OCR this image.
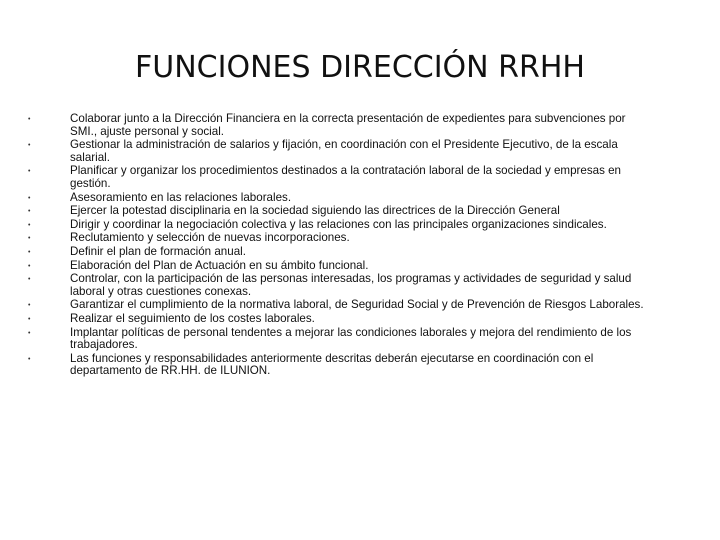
FUNCIONES DIRECCIÓN RRHH
•	Colaborar junto a la Dirección Financiera en la correcta presentación de expedientes para subvenciones por SMI., ajuste personal y social.
•	Gestionar la administración de salarios y fijación, en coordinación con el Presidente Ejecutivo, de la escala salarial.
•	Planificar y organizar los procedimientos destinados a la contratación laboral de la sociedad y empresas en gestión.
•	Asesoramiento en las relaciones laborales.
•	Ejercer la potestad disciplinaria en la sociedad siguiendo las directrices de la Dirección General
•	Dirigir y coordinar la negociación colectiva y las relaciones con las principales organizaciones sindicales.
•	Reclutamiento y selección de nuevas incorporaciones.
•	Definir el plan de formación anual.
•	Elaboración del Plan de Actuación en su ámbito funcional.
•	Controlar, con la participación de las personas interesadas, los programas y actividades de seguridad y salud laboral y otras cuestiones conexas.
•	Garantizar el cumplimiento de la normativa laboral, de Seguridad Social y de Prevención de Riesgos Laborales.
•	Realizar el seguimiento de los costes laborales.
•	Implantar políticas de personal tendentes a mejorar las condiciones laborales y mejora del rendimiento de los trabajadores.
•	Las funciones y responsabilidades anteriormente descritas deberán ejecutarse en coordinación con el departamento de RR.HH. de ILUNION.
